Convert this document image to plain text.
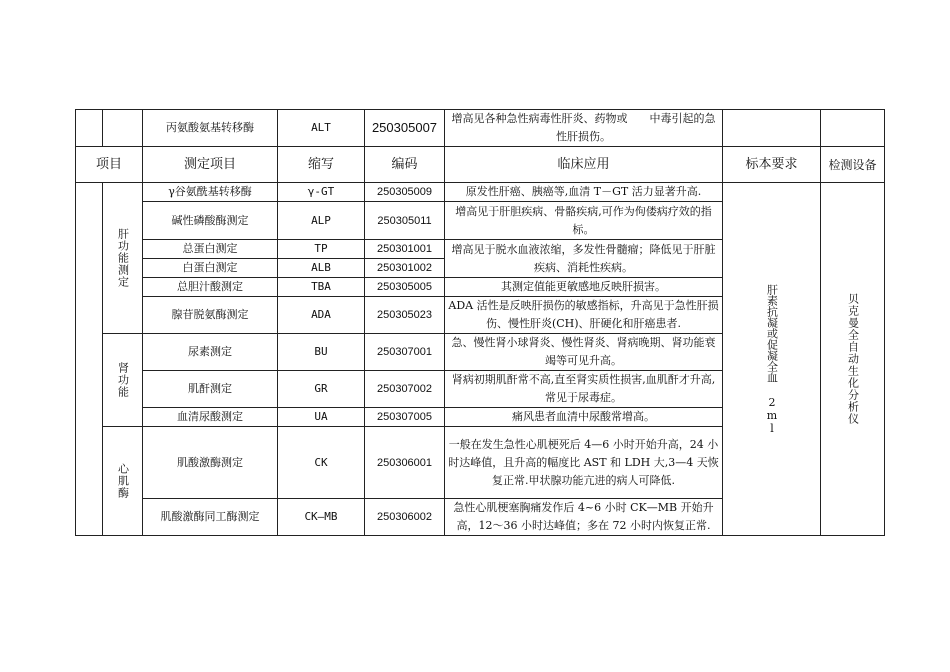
		丙氨酸氨基转移酶	ALT	250305007	增高见各种急性病毒性肝炎、药物或　　中毒引起的急性肝损伤。		
项目		测定项目	缩写	编码	临床应用	标本要求	检测设备
	肝功能测定	γ谷氨酰基转移酶	γ-GT	250305009	原发性肝癌、胰癌等,血清 T－GT 活力显著升高.	肝素抗凝或促凝全血 2ml	贝克曼全自动生化分析仪
		碱性磷酸酶测定	ALP	250305011	增高见于肝胆疾病、骨骼疾病,可作为佝偻病疗效的指标。		
		总蛋白测定	TP	250301001	增高见于脱水血液浓缩，多发性骨髓瘤；降低见于肝脏疾病、消耗性疾病。		
		白蛋白测定	ALB	250301002			
		总胆汁酸测定	TBA	250305005	其测定值能更敏感地反映肝损害。		
		腺苷脱氨酶测定	ADA	250305023	ADA 活性是反映肝损伤的敏感指标，升高见于急性肝损伤、慢性肝炎(CH)、肝硬化和肝癌患者.		
	肾功能	尿素测定	BU	250307001	急、慢性肾小球肾炎、慢性肾炎、肾病晚期、肾功能衰竭等可见升高。		
		肌酐测定	GR	250307002	肾病初期肌酐常不高,直至肾实质性损害,血肌酐才升高,常见于尿毒症。		
		血清尿酸测定	UA	250307005	痛风患者血清中尿酸常增高。		
	心肌酶	肌酸激酶测定	CK	250306001	一般在发生急性心肌梗死后 4—6 小时开始升高，24 小时达峰值，且升高的幅度比 AST 和 LDH 大,3—4 天恢复正常.甲状腺功能亢进的病人可降低.		
		肌酸激酶同工酶测定	CK—MB	250306002	急性心肌梗塞胸痛发作后 4~6 小时 CK—MB 开始升高，12～36 小时达峰值；多在 72 小时内恢复正常.		
